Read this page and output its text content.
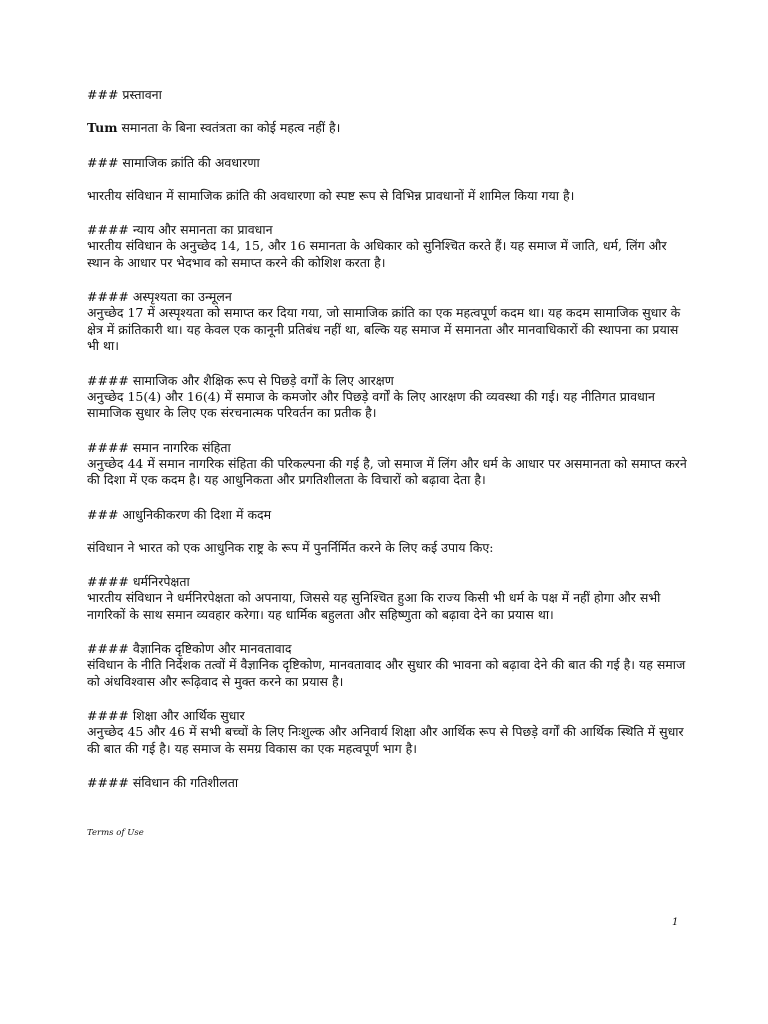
### प्रस्तावना

Tum समानता के बिना स्वतंत्रता का कोई महत्व नहीं है।

### सामाजिक क्रांति की अवधारणा

भारतीय संविधान में सामाजिक क्रांति की अवधारणा को स्पष्ट रूप से विभिन्न प्रावधानों में शामिल किया गया है।

#### न्याय और समानता का प्रावधान

भारतीय संविधान के अनुच्छेद 14, 15, और 16 समानता के अधिकार को सुनिश्चित करते हैं। यह समाज में जाति, धर्म, लिंग और स्थान के आधार पर भेदभाव को समाप्त करने की कोशिश करता है।

#### अस्पृश्यता का उन्मूलन

अनुच्छेद 17 में अस्पृश्यता को समाप्त कर दिया गया, जो सामाजिक क्रांति का एक महत्वपूर्ण कदम था। यह कदम सामाजिक सुधार के क्षेत्र में क्रांतिकारी था। यह केवल एक कानूनी प्रतिबंध नहीं था, बल्कि यह समाज में समानता और मानवाधिकारों की स्थापना का प्रयास भी था।

#### सामाजिक और शैक्षिक रूप से पिछड़े वर्गों के लिए आरक्षण

अनुच्छेद 15(4) और 16(4) में समाज के कमजोर और पिछड़े वर्गों के लिए आरक्षण की व्यवस्था की गई। यह नीतिगत प्रावधान सामाजिक सुधार के लिए एक संरचनात्मक परिवर्तन का प्रतीक है।

#### समान नागरिक संहिता

अनुच्छेद 44 में समान नागरिक संहिता की परिकल्पना की गई है, जो समाज में लिंग और धर्म के आधार पर असमानता को समाप्त करने की दिशा में एक कदम है। यह आधुनिकता और प्रगतिशीलता के विचारों को बढ़ावा देता है।

### आधुनिकीकरण की दिशा में कदम

संविधान ने भारत को एक आधुनिक राष्ट्र के रूप में पुनर्निर्मित करने के लिए कई उपाय किए:

#### धर्मनिरपेक्षता

भारतीय संविधान ने धर्मनिरपेक्षता को अपनाया, जिससे यह सुनिश्चित हुआ कि राज्य किसी भी धर्म के पक्ष में नहीं होगा और सभी नागरिकों के साथ समान व्यवहार करेगा। यह धार्मिक बहुलता और सहिष्णुता को बढ़ावा देने का प्रयास था।

#### वैज्ञानिक दृष्टिकोण और मानवतावाद

संविधान के नीति निर्देशक तत्वों में वैज्ञानिक दृष्टिकोण, मानवतावाद और सुधार की भावना को बढ़ावा देने की बात की गई है। यह समाज को अंधविश्वास और रूढ़िवाद से मुक्त करने का प्रयास है।

#### शिक्षा और आर्थिक सुधार

अनुच्छेद 45 और 46 में सभी बच्चों के लिए निःशुल्क और अनिवार्य शिक्षा और आर्थिक रूप से पिछड़े वर्गों की आर्थिक स्थिति में सुधार की बात की गई है। यह समाज के समग्र विकास का एक महत्वपूर्ण भाग है।

#### संविधान की गतिशीलता

Terms of Use
1
